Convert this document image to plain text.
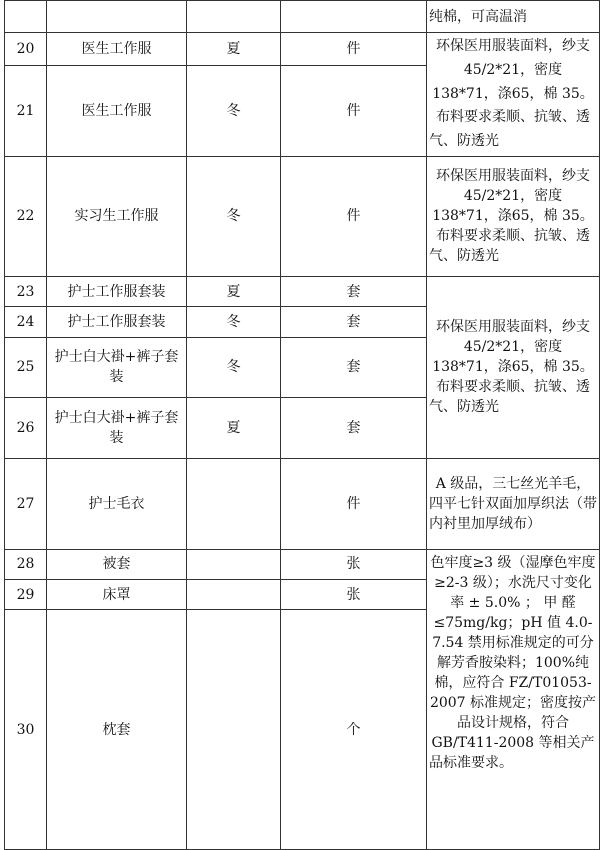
				纯棉，可高温消
20	医生工作服	夏	件	环保医用服装面料，纱支45/2*21，密度 138*71，涤65，棉 35。布料要求柔顺、抗皱、透气、防透光
21	医生工作服	冬	件	
22	实习生工作服	冬	件	环保医用服装面料，纱支45/2*21，密度 138*71，涤65，棉 35。布料要求柔顺、抗皱、透气、防透光
23	护士工作服套装	夏	套	环保医用服装面料，纱支45/2*21，密度 138*71，涤65，棉 35。布料要求柔顺、抗皱、透气、防透光
24	护士工作服套装	冬	套	
25	护士白大褂+裤子套装	冬	套	
26	护士白大褂+裤子套装	夏	套	
27	护士毛衣		件	A 级品，三七丝光羊毛，四平七针双面加厚织法（带内衬里加厚绒布）
28	被套		张	色牢度≥3 级（湿摩色牢度≥2-3 级）；水洗尺寸变化率 ± 5.0% ； 甲 醛 ≤75mg/kg；pH 值 4.0-7.54 禁用标准规定的可分解芳香胺染料；100%纯棉，应符合 FZ/T01053-2007 标准规定；密度按产品设计规格，符合 GB/T411-2008 等相关产品标准要求。
29	床罩		张	
30	枕套		个	
